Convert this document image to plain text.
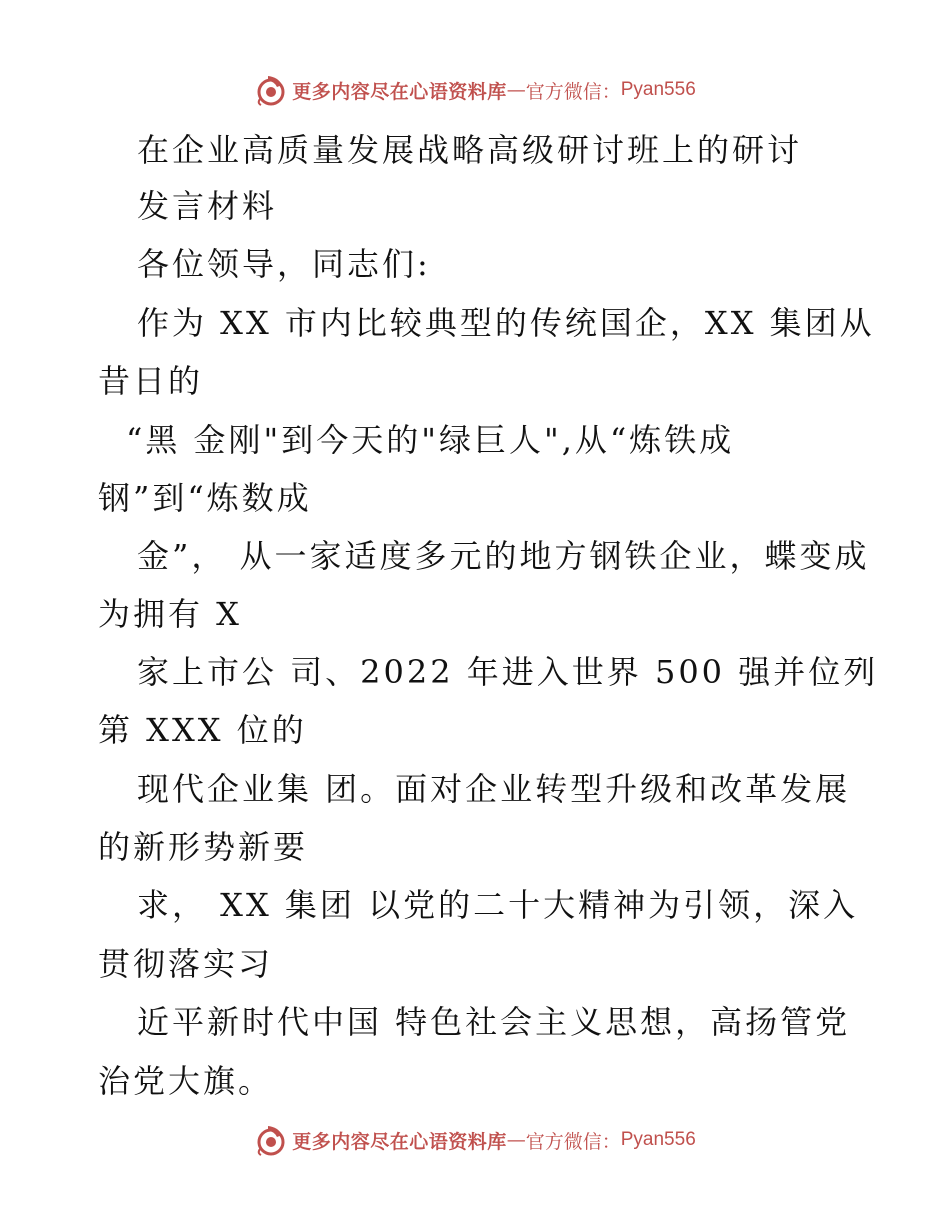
更多内容尽在心语资料库 — 官方微信： Pyan556
在企业高质量发展战略高级研讨班上的研讨
发言材料
各位领导，同志们:
作为 XX 市内比较典型的传统国企，XX 集团从
昔日的
“黑 金刚"到今天的"绿巨人",从“炼铁成
钢”到“炼数成
金”， 从一家适度多元的地方钢铁企业，蝶变成
为拥有 X
家上市公 司、2022 年进入世界 500 强并位列
第 XXX 位的
现代企业集 团。面对企业转型升级和改革发展
的新形势新要
求， XX 集团 以党的二十大精神为引领，深入
贯彻落实习
近平新时代中国 特色社会主义思想，高扬管党
治党大旗。
更多内容尽在心语资料库 — 官方微信： Pyan556
